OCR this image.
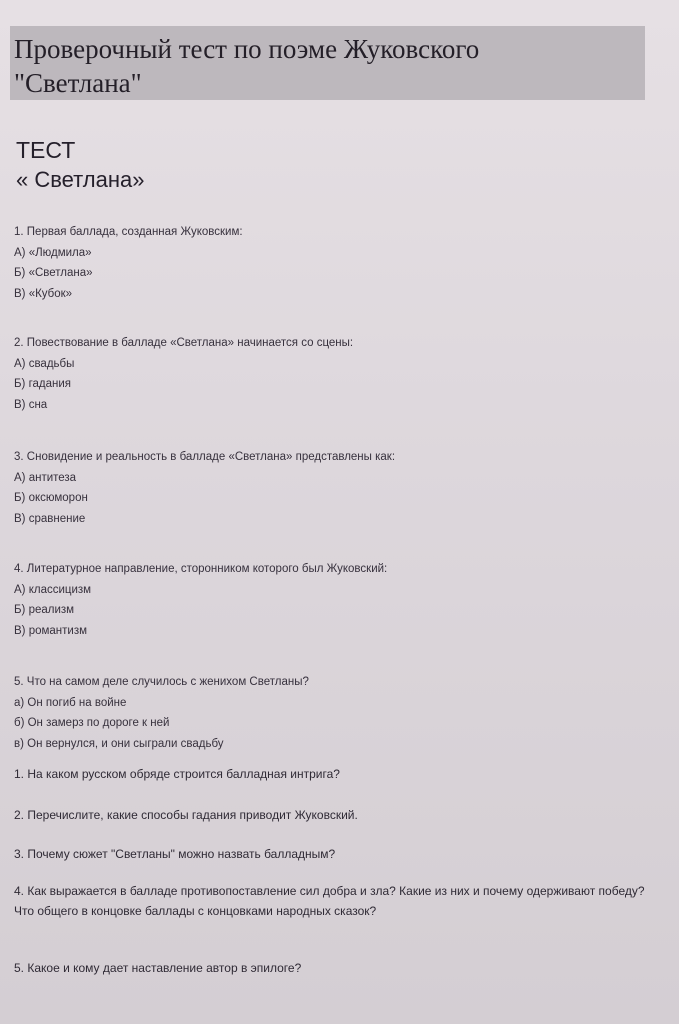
Проверочный тест по поэме Жуковского
"Светлана"
ТЕСТ
« Светлана»
1. Первая баллада, созданная Жуковским:
А) «Людмила»
Б) «Светлана»
В) «Кубок»
2. Повествование в балладе «Светлана» начинается со сцены:
А) свадьбы
Б) гадания
В) сна
3. Сновидение и реальность в балладе «Светлана» представлены как:
А) антитеза
Б) оксюморон
В) сравнение
4. Литературное направление, сторонником которого был Жуковский:
А) классицизм
Б) реализм
В) романтизм
5. Что на самом деле случилось с женихом Светланы?
а) Он погиб на войне
б) Он замерз по дороге к ней
в) Он вернулся, и они сыграли свадьбу
1. На каком русском обряде строится балладная интрига?
2. Перечислите, какие способы гадания приводит Жуковский.
3. Почему сюжет "Светланы" можно назвать балладным?
4. Как выражается в балладе противопоставление сил добра и зла? Какие из них и почему одерживают победу? Что общего в концовке баллады с концовками народных сказок?
5. Какое и кому дает наставление автор в эпилоге?
